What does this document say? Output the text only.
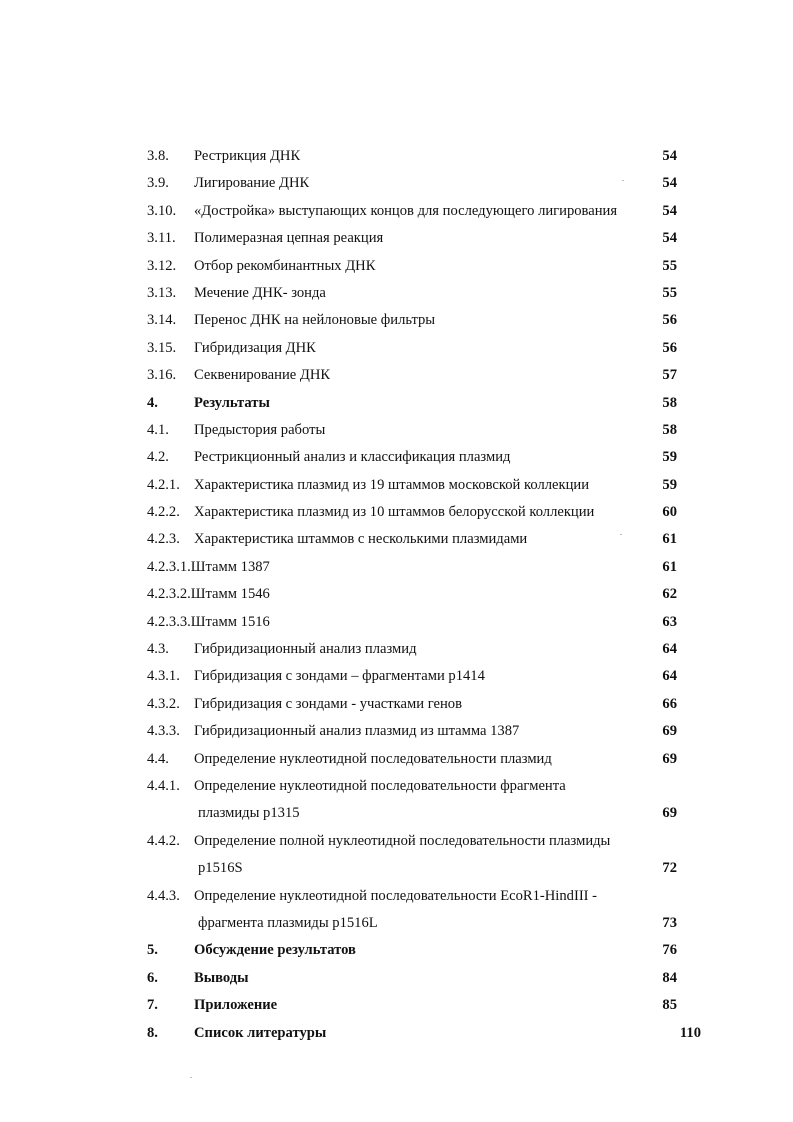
3.8. Рестрикция ДНК	54
3.9. Лигирование ДНК	54
3.10. «Достройка» выступающих концов для последующего лигирования	54
3.11. Полимеразная цепная реакция	54
3.12. Отбор рекомбинантных ДНК	55
3.13. Мечение ДНК- зонда	55
3.14. Перенос ДНК на нейлоновые фильтры	56
3.15. Гибридизация ДНК	56
3.16. Секвенирование ДНК	57
4. Результаты	58
4.1. Предыстория работы	58
4.2. Рестрикционный анализ и классификация плазмид	59
4.2.1. Характеристика плазмид из 19 штаммов московской коллекции	59
4.2.2. Характеристика плазмид из 10 штаммов белорусской коллекции	60
4.2.3. Характеристика штаммов с несколькими плазмидами	61
4.2.3.1.Штамм 1387	61
4.2.3.2.Штамм 1546	62
4.2.3.3.Штамм 1516	63
4.3. Гибридизационный анализ плазмид	64
4.3.1. Гибридизация с зондами – фрагментами р1414	64
4.3.2. Гибридизация с зондами - участками генов	66
4.3.3. Гибридизационный анализ плазмид из штамма 1387	69
4.4. Определение нуклеотидной последовательности плазмид	69
4.4.1. Определение нуклеотидной последовательности фрагмента
плазмиды р1315	69
4.4.2. Определение полной нуклеотидной последовательности плазмиды
р1516S	72
4.4.3. Определение нуклеотидной последовательности EcoR1-HindIII -
фрагмента плазмиды р1516L	73
5. Обсуждение результатов	76
6. Выводы	84
7. Приложение	85
8. Список литературы	110
